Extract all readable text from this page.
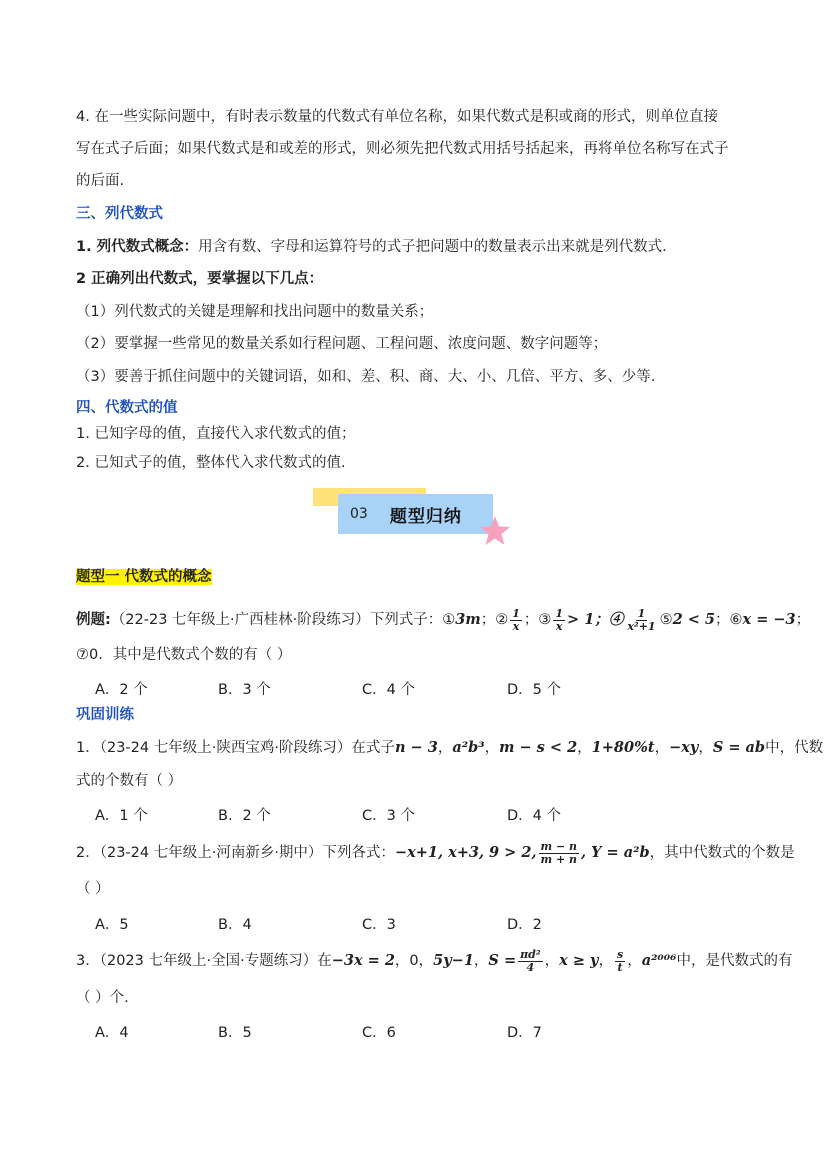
4. 在一些实际问题中，有时表示数量的代数式有单位名称，如果代数式是积或商的形式，则单位直接
写在式子后面；如果代数式是和或差的形式，则必须先把代数式用括号括起来，再将单位名称写在式子
的后面.
三、列代数式
1. 列代数式概念：用含有数、字母和运算符号的式子把问题中的数量表示出来就是列代数式.
2 正确列出代数式，要掌握以下几点：
（1）列代数式的关键是理解和找出问题中的数量关系；
（2）要掌握一些常见的数量关系如行程问题、工程问题、浓度问题、数字问题等；
（3）要善于抓住问题中的关键词语，如和、差、积、商、大、小、几倍、平方、多、少等.
四、代数式的值
1. 已知字母的值，直接代入求代数式的值；
2. 已知式子的值，整体代入求代数式的值.
03 题型归纳
题型一 代数式的概念
例题:（22-23 七年级上·广西桂林·阶段练习）下列式子：①3m；② $\frac{1}{x}$ ；③ $\frac{1}{x} > 1$；④ $\frac{1}{\text{x²+1}}$ ⑤2 < 5；⑥x = −3；
⑦0．其中是代数式个数的有（ ）
A．2 个	B．3 个	C．4 个	D．5 个
巩固训练
1．（23-24 七年级上·陕西宝鸡·阶段练习）在式子n − 3，a²b³，m − s < 2，1+80%t，−xy，S = ab中，代数
式的个数有（ ）
A．1 个	B．2 个	C．3 个	D．4 个
2．（23-24 七年级上·河南新乡·期中）下列各式：−x+1, x+3, 9 > 2, $\frac{m - n}{m + n}$ , Y = a²b，其中代数式的个数是
（ ）
A．5	B．4	C．3	D．2
3．（2023 七年级上·全国·专题练习）在−3x = 2，0，5y−1，$S = \frac{\text{πd²}}{4}$ ，x ≥ y， $\frac{s}{t}$ ，a²⁰⁰⁶中，是代数式的有
（ ）个.
A．4	B．5	C．6	D．7
